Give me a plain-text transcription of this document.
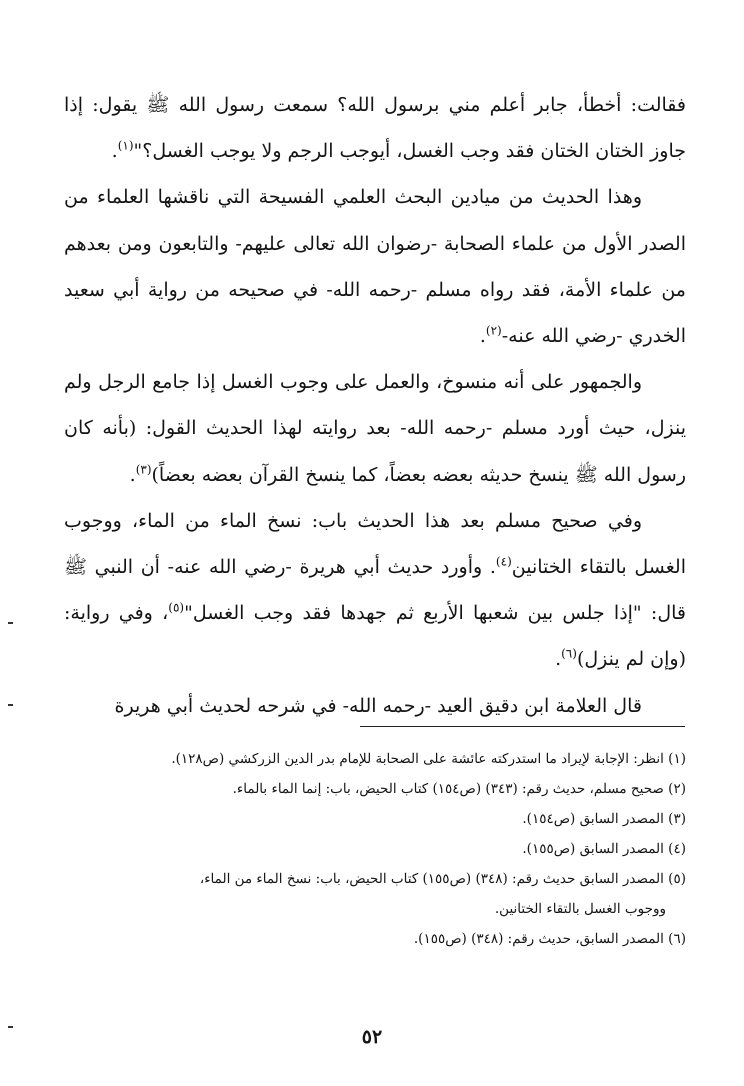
فقالت: أخطأ، جابر أعلم مني برسول الله؟ سمعت رسول الله ﷺ يقول: إذا جاوز الختان الختان فقد وجب الغسل، أيوجب الرجم ولا يوجب الغسل؟"$^{(١)}$.

وهذا الحديث من ميادين البحث العلمي الفسيحة التي ناقشها العلماء من الصدر الأول من علماء الصحابة -رضوان الله تعالى عليهم- والتابعون ومن بعدهم من علماء الأمة، فقد رواه مسلم -رحمه الله- في صحيحه من رواية أبي سعيد الخدري -رضي الله عنه-$^{(٢)}$.

والجمهور على أنه منسوخ، والعمل على وجوب الغسل إذا جامع الرجل ولم ينزل، حيث أورد مسلم -رحمه الله- بعد روايته لهذا الحديث القول: (بأنه كان رسول الله ﷺ ينسخ حديثه بعضه بعضاً، كما ينسخ القرآن بعضه بعضاً)$^{(٣)}$.

وفي صحيح مسلم بعد هذا الحديث باب: نسخ الماء من الماء، ووجوب الغسل بالتقاء الختانين$^{(٤)}$. وأورد حديث أبي هريرة -رضي الله عنه- أن النبي ﷺ قال: "إذا جلس بين شعبها الأربع ثم جهدها فقد وجب الغسل"$^{(٥)}$، وفي رواية: (وإن لم ينزل)$^{(٦)}$.

قال العلامة ابن دقيق العيد -رحمه الله- في شرحه لحديث أبي هريرة

(١) انظر: الإجابة لإيراد ما استدركته عائشة على الصحابة للإمام بدر الدين الزركشي (ص١٢٨).

(٢) صحيح مسلم، حديث رقم: (٣٤٣) (ص١٥٤) كتاب الحيض، باب: إنما الماء بالماء.

(٣) المصدر السابق (ص١٥٤).

(٤) المصدر السابق (ص١٥٥).

(٥) المصدر السابق حديث رقم: (٣٤٨) (ص١٥٥) كتاب الحيض، باب: نسخ الماء من الماء،

ووجوب الغسل بالتقاء الختانين.

(٦) المصدر السابق، حديث رقم: (٣٤٨) (ص١٥٥).

٥٢
